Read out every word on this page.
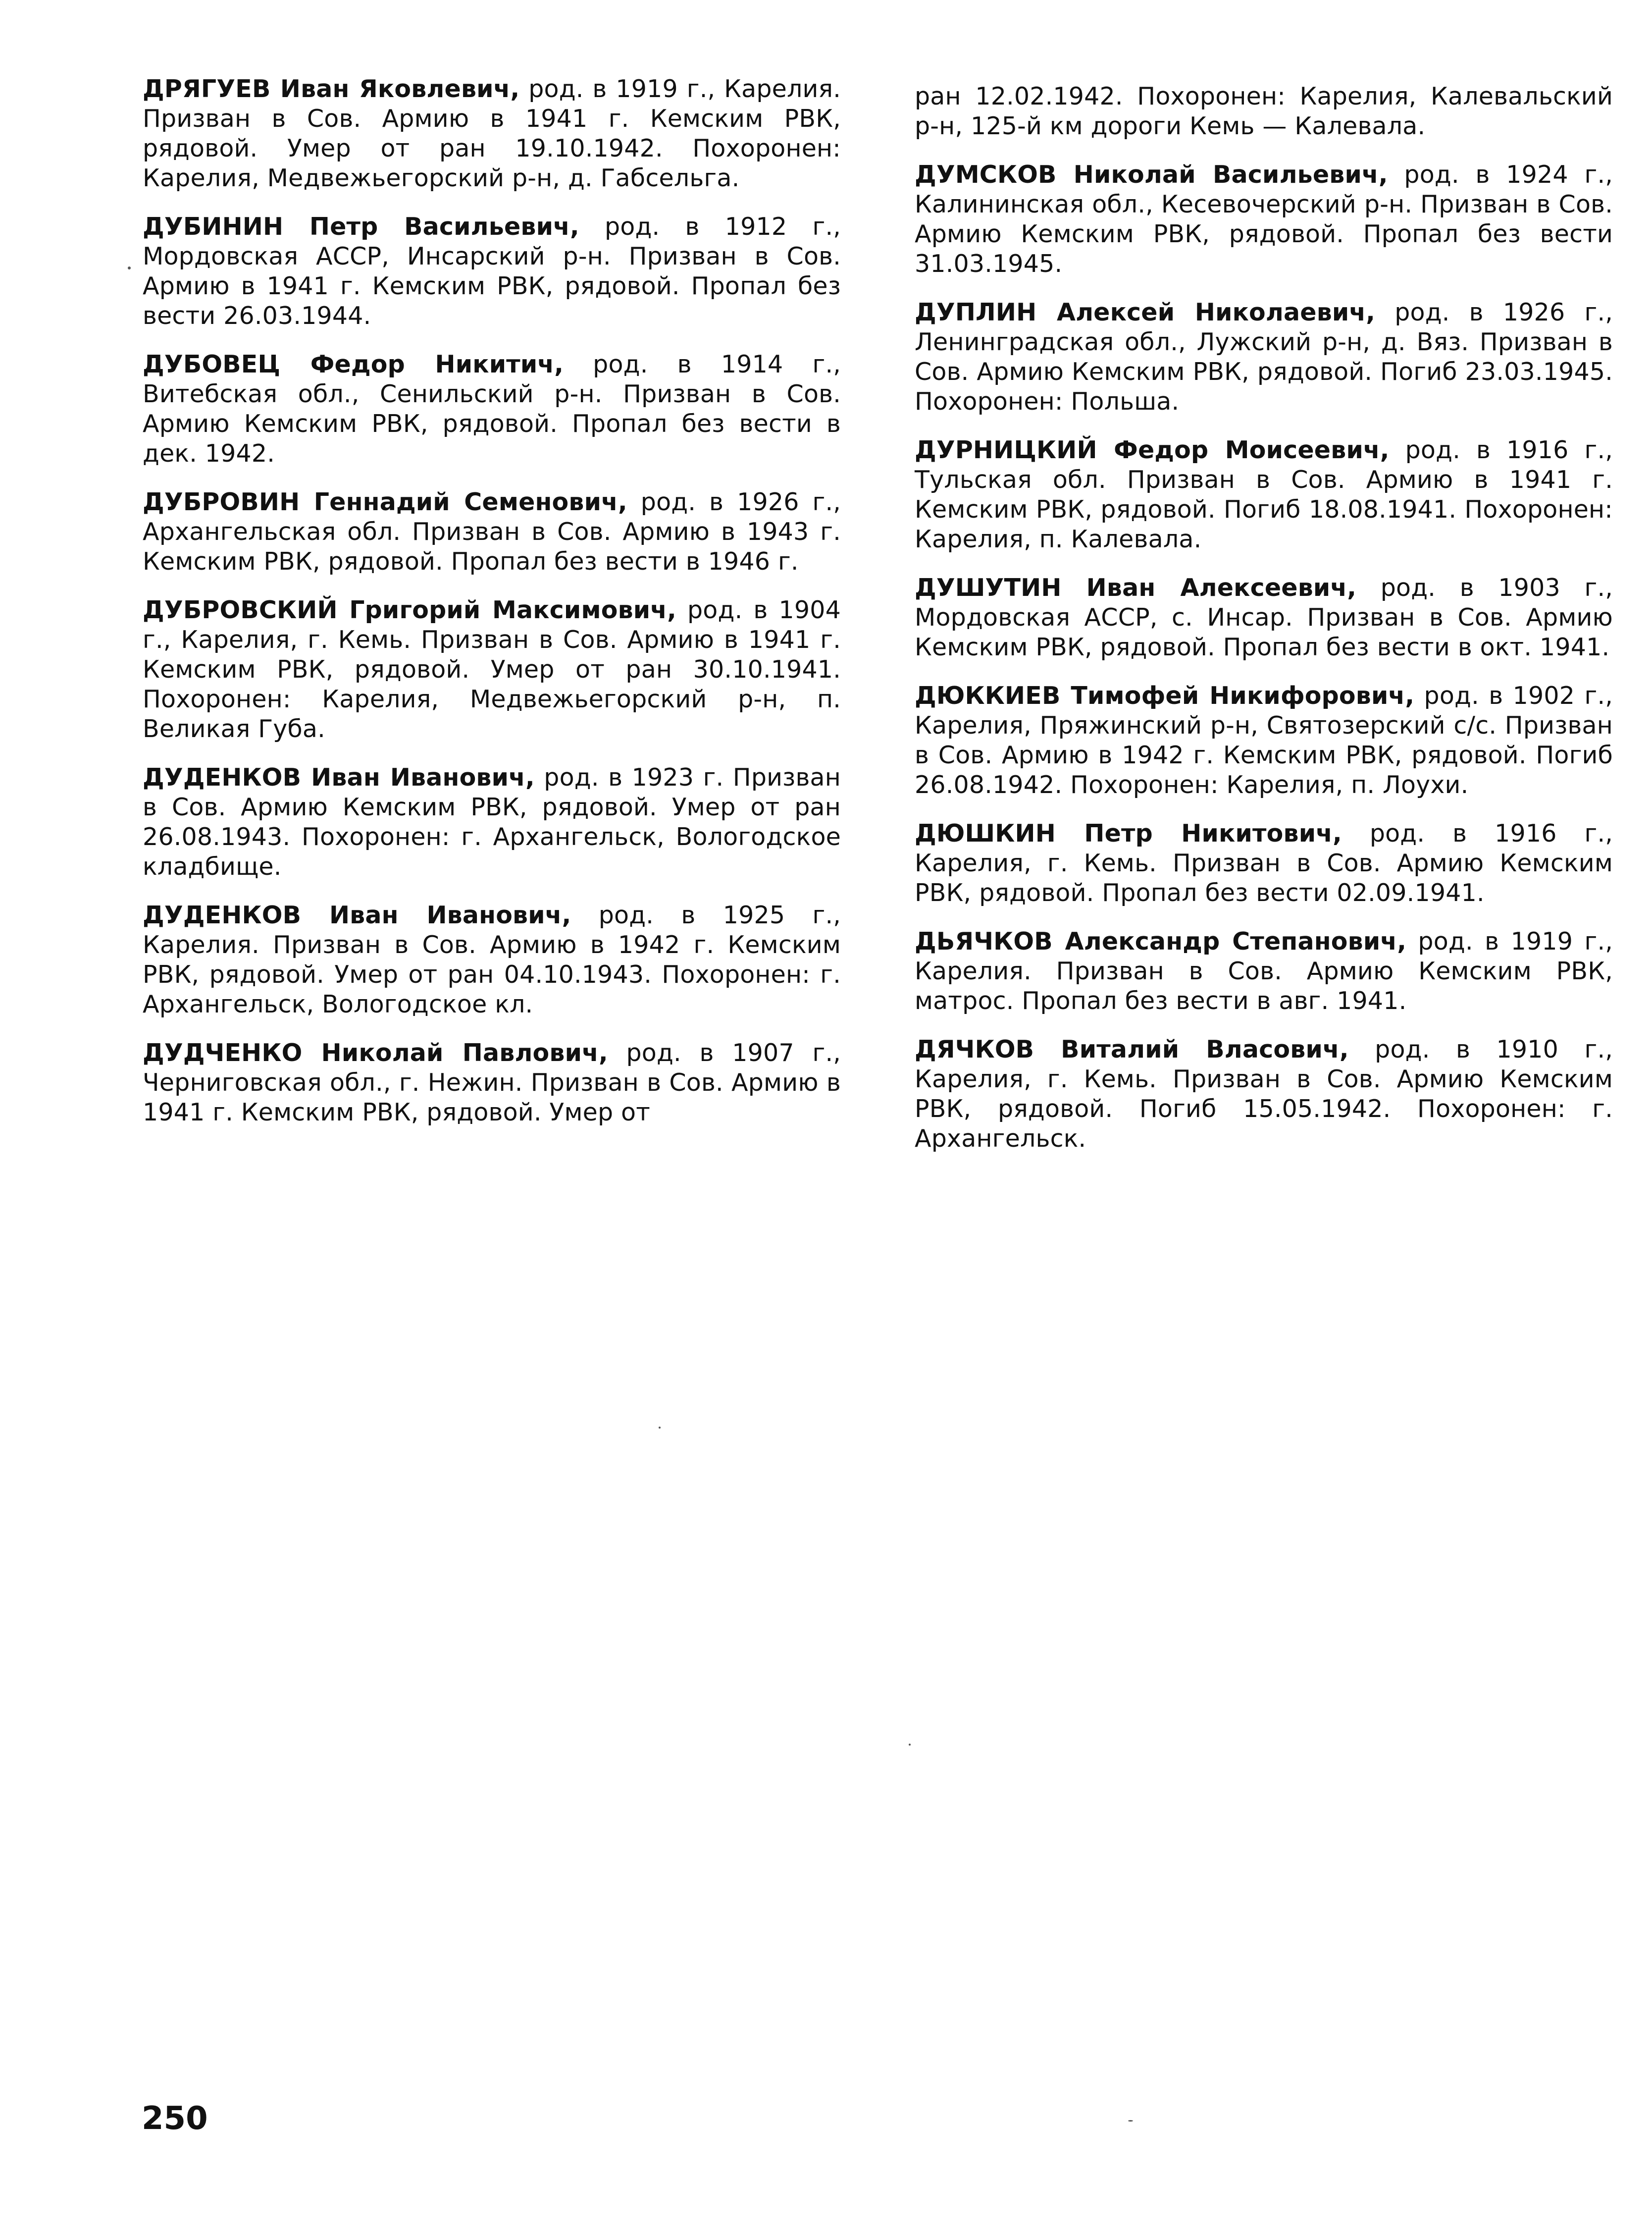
ДРЯГУЕВ Иван Яковлевич, род. в 1919 г., Карелия. Призван в Сов. Армию в 1941 г. Кемским РВК, рядовой. Умер от ран 19.10.1942. Похоронен: Карелия, Медвежьегорский р-н, д. Габсельга.

ДУБИНИН Петр Васильевич, род. в 1912 г., Мордовская АССР, Инсарский р-н. Призван в Сов. Армию в 1941 г. Кемским РВК, рядовой. Пропал без вести 26.03.1944.

ДУБОВЕЦ Федор Никитич, род. в 1914 г., Витебская обл., Сенильский р-н. Призван в Сов. Армию Кемским РВК, рядовой. Пропал без вести в дек. 1942.

ДУБРОВИН Геннадий Семенович, род. в 1926 г., Архангельская обл. Призван в Сов. Армию в 1943 г. Кемским РВК, рядовой. Пропал без вести в 1946 г.

ДУБРОВСКИЙ Григорий Максимович, род. в 1904 г., Карелия, г. Кемь. Призван в Сов. Армию в 1941 г. Кемским РВК, рядовой. Умер от ран 30.10.1941. Похоронен: Карелия, Медвежьегорский р-н, п. Великая Губа.

ДУДЕНКОВ Иван Иванович, род. в 1923 г. Призван в Сов. Армию Кемским РВК, рядовой. Умер от ран 26.08.1943. Похоронен: г. Архангельск, Вологодское кладбище.

ДУДЕНКОВ Иван Иванович, род. в 1925 г., Карелия. Призван в Сов. Армию в 1942 г. Кемским РВК, рядовой. Умер от ран 04.10.1943. Похоронен: г. Архангельск, Вологодское кл.

ДУДЧЕНКО Николай Павлович, род. в 1907 г., Черниговская обл., г. Нежин. Призван в Сов. Армию в 1941 г. Кемским РВК, рядовой. Умер от

ран 12.02.1942. Похоронен: Карелия, Калевальский р-н, 125-й км дороги Кемь — Калевала.

ДУМСКОВ Николай Васильевич, род. в 1924 г., Калининская обл., Кесевочерский р-н. Призван в Сов. Армию Кемским РВК, рядовой. Пропал без вести 31.03.1945.

ДУПЛИН Алексей Николаевич, род. в 1926 г., Ленинградская обл., Лужский р-н, д. Вяз. Призван в Сов. Армию Кемским РВК, рядовой. Погиб 23.03.1945. Похоронен: Польша.

ДУРНИЦКИЙ Федор Моисеевич, род. в 1916 г., Тульская обл. Призван в Сов. Армию в 1941 г. Кемским РВК, рядовой. Погиб 18.08.1941. Похоронен: Карелия, п. Калевала.

ДУШУТИН Иван Алексеевич, род. в 1903 г., Мордовская АССР, с. Инсар. Призван в Сов. Армию Кемским РВК, рядовой. Пропал без вести в окт. 1941.

ДЮККИЕВ Тимофей Никифорович, род. в 1902 г., Карелия, Пряжинский р-н, Святозерский с/с. Призван в Сов. Армию в 1942 г. Кемским РВК, рядовой. Погиб 26.08.1942. Похоронен: Карелия, п. Лоухи.

ДЮШКИН Петр Никитович, род. в 1916 г., Карелия, г. Кемь. Призван в Сов. Армию Кемским РВК, рядовой. Пропал без вести 02.09.1941.

ДЬЯЧКОВ Александр Степанович, род. в 1919 г., Карелия. Призван в Сов. Армию Кемским РВК, матрос. Пропал без вести в авг. 1941.

ДЯЧКОВ Виталий Власович, род. в 1910 г., Карелия, г. Кемь. Призван в Сов. Армию Кемским РВК, рядовой. Погиб 15.05.1942. Похоронен: г. Архангельск.

250
